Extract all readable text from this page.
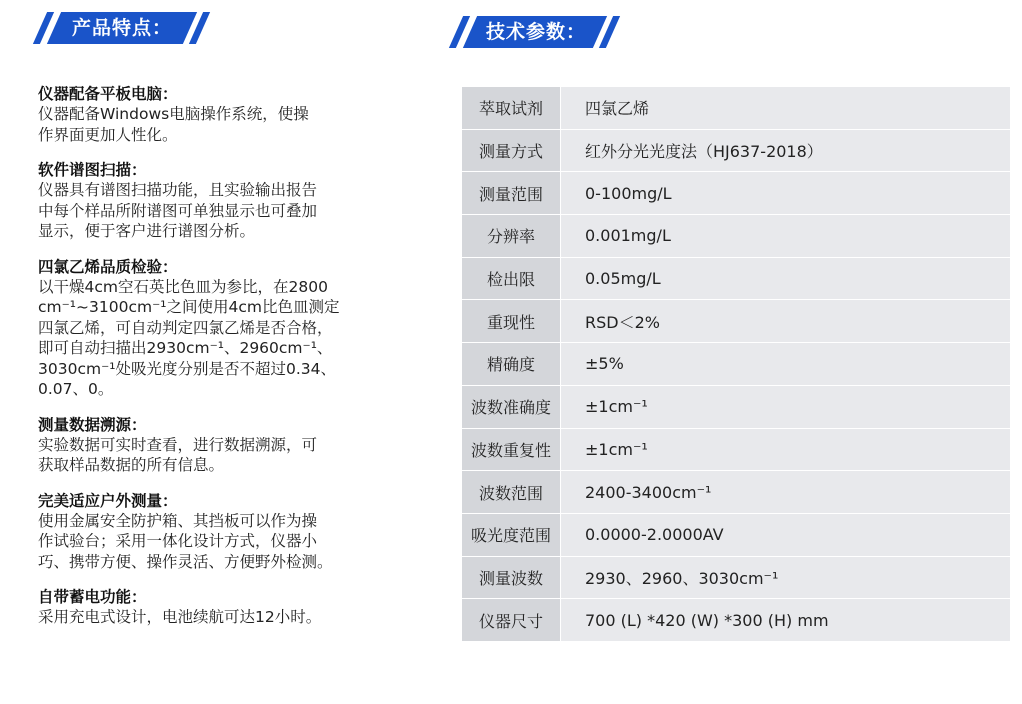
产品特点：	技术参数：
仪器配备平板电脑：
仪器配备Windows电脑操作系统，使操
作界面更加人性化。
软件谱图扫描：
仪器具有谱图扫描功能，且实验输出报告
中每个样品所附谱图可单独显示也可叠加
显示，便于客户进行谱图分析。
四氯乙烯品质检验：
以干燥4cm空石英比色皿为参比，在2800
cm⁻¹~3100cm⁻¹之间使用4cm比色皿测定
四氯乙烯，可自动判定四氯乙烯是否合格，
即可自动扫描出2930cm⁻¹、2960cm⁻¹、
3030cm⁻¹处吸光度分别是否不超过0.34、
0.07、0。
测量数据溯源：
实验数据可实时查看，进行数据溯源，可
获取样品数据的所有信息。
完美适应户外测量：
使用金属安全防护箱、其挡板可以作为操
作试验台；采用一体化设计方式，仪器小
巧、携带方便、操作灵活、方便野外检测。
自带蓄电功能：
采用充电式设计，电池续航可达12小时。
萃取试剂	四氯乙烯
测量方式	红外分光光度法（HJ637-2018）
测量范围	0-100mg/L
分辨率	0.001mg/L
检出限	0.05mg/L
重现性	RSD＜2%
精确度	±5%
波数准确度	±1cm⁻¹
波数重复性	±1cm⁻¹
波数范围	2400-3400cm⁻¹
吸光度范围	0.0000-2.0000AV
测量波数	2930、2960、3030cm⁻¹
仪器尺寸	700 (L) *420 (W) *300 (H) mm
